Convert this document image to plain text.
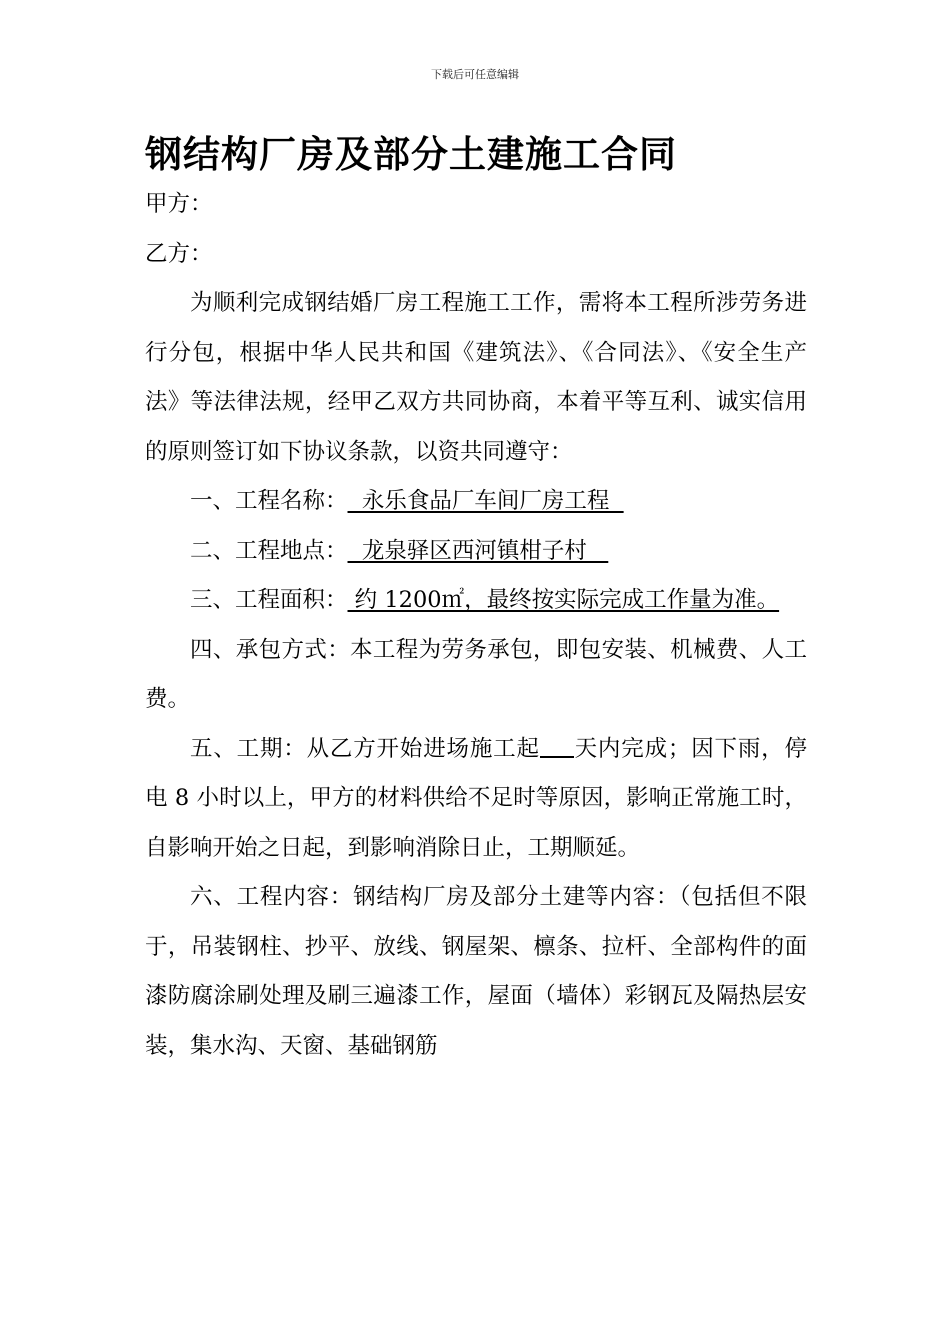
下载后可任意编辑
钢结构厂房及部分土建施工合同

甲方：

乙方：

为顺利完成钢结婚厂房工程施工工作，需将本工程所涉劳务进行分包，根据中华人民共和国《建筑法》、《合同法》、《安全生产法》等法律法规，经甲乙双方共同协商，本着平等互利、诚实信用的原则签订如下协议条款，以资共同遵守：

一、工程名称：  永乐食品厂车间厂房工程

二、工程地点：  龙泉驿区西河镇柑子村

三、工程面积： 约 1200㎡，最终按实际完成工作量为准。

四、承包方式：本工程为劳务承包，即包安装、机械费、人工费。

五、工期：从乙方开始进场施工起 天内完成；因下雨，停电 8 小时以上，甲方的材料供给不足时等原因，影响正常施工时，自影响开始之日起，到影响消除日止，工期顺延。

六、工程内容：钢结构厂房及部分土建等内容：（包括但不限于，吊装钢柱、抄平、放线、钢屋架、檩条、拉杆、全部构件的面漆防腐涂刷处理及刷三遍漆工作，屋面（墙体）彩钢瓦及隔热层安装，集水沟、天窗、基础钢筋
